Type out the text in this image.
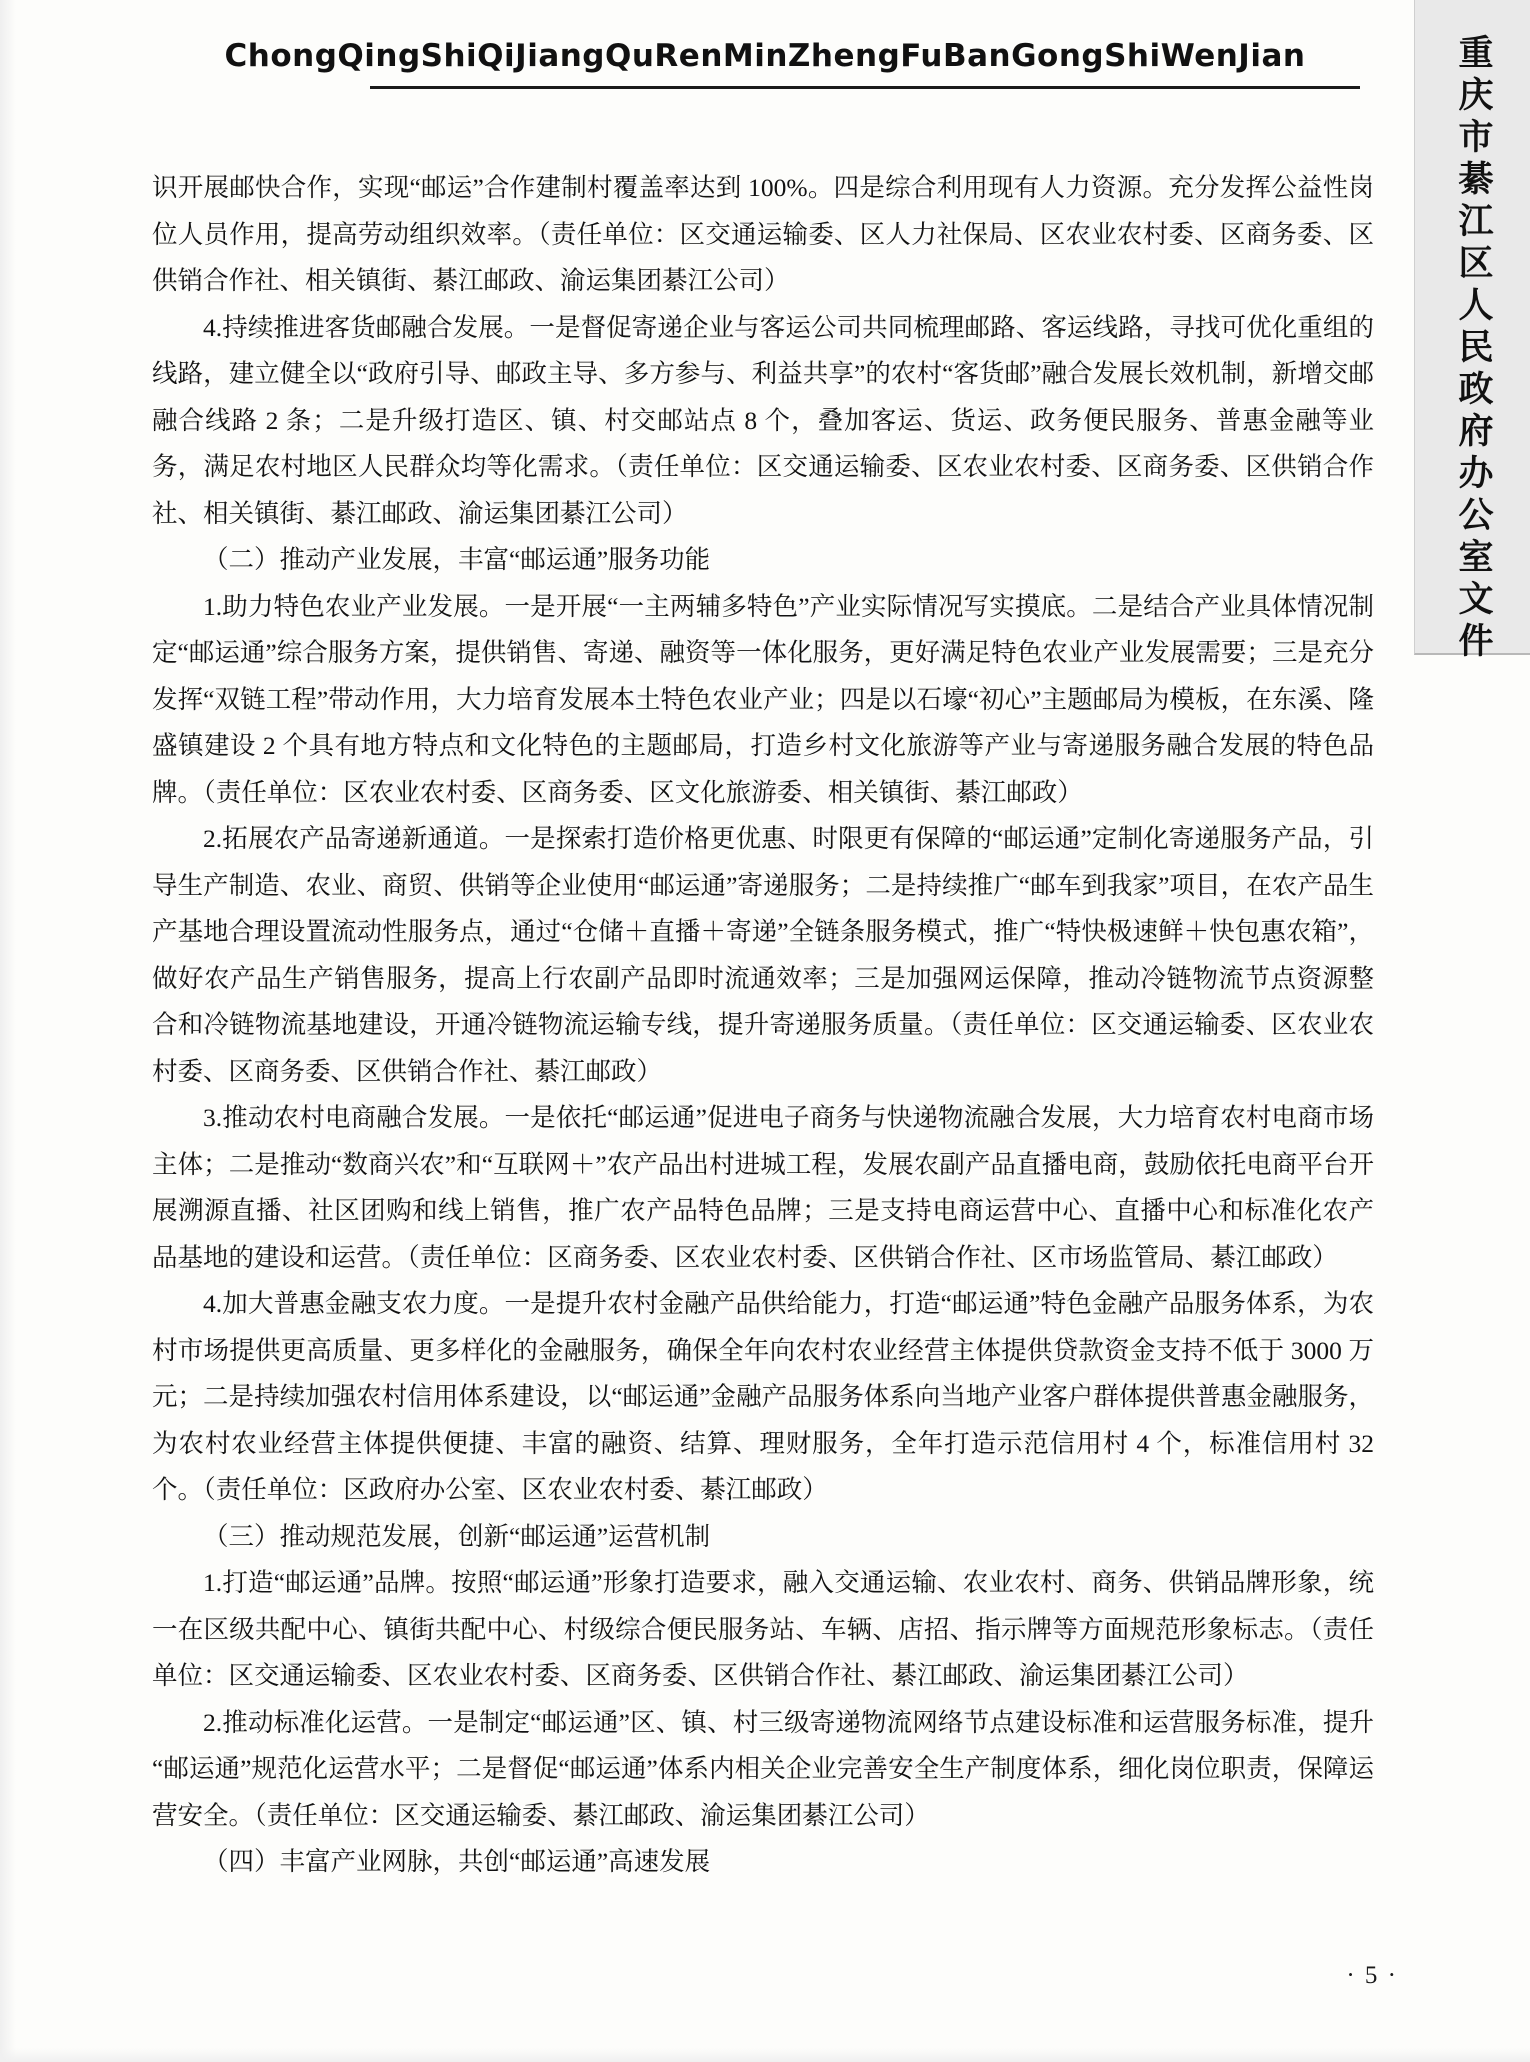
重庆市綦江区人民政府办公室文件
ChongQingShiQiJiangQuRenMinZhengFuBanGongShiWenJian

识开展邮快合作，实现“邮运”合作建制村覆盖率达到 100%。四是综合利用现有人力资源。充分发挥公益性岗位人员作用，提高劳动组织效率。（责任单位：区交通运输委、区人力社保局、区农业农村委、区商务委、区供销合作社、相关镇街、綦江邮政、渝运集团綦江公司）

4.持续推进客货邮融合发展。一是督促寄递企业与客运公司共同梳理邮路、客运线路，寻找可优化重组的线路，建立健全以“政府引导、邮政主导、多方参与、利益共享”的农村“客货邮”融合发展长效机制，新增交邮融合线路 2 条；二是升级打造区、镇、村交邮站点 8 个，叠加客运、货运、政务便民服务、普惠金融等业务，满足农村地区人民群众均等化需求。（责任单位：区交通运输委、区农业农村委、区商务委、区供销合作社、相关镇街、綦江邮政、渝运集团綦江公司）

（二）推动产业发展，丰富“邮运通”服务功能

1.助力特色农业产业发展。一是开展“一主两辅多特色”产业实际情况写实摸底。二是结合产业具体情况制定“邮运通”综合服务方案，提供销售、寄递、融资等一体化服务，更好满足特色农业产业发展需要；三是充分发挥“双链工程”带动作用，大力培育发展本土特色农业产业；四是以石壕“初心”主题邮局为模板，在东溪、隆盛镇建设 2 个具有地方特点和文化特色的主题邮局，打造乡村文化旅游等产业与寄递服务融合发展的特色品牌。（责任单位：区农业农村委、区商务委、区文化旅游委、相关镇街、綦江邮政）

2.拓展农产品寄递新通道。一是探索打造价格更优惠、时限更有保障的“邮运通”定制化寄递服务产品，引导生产制造、农业、商贸、供销等企业使用“邮运通”寄递服务；二是持续推广“邮车到我家”项目，在农产品生产基地合理设置流动性服务点，通过“仓储＋直播＋寄递”全链条服务模式，推广“特快极速鲜＋快包惠农箱”，做好农产品生产销售服务，提高上行农副产品即时流通效率；三是加强网运保障，推动冷链物流节点资源整合和冷链物流基地建设，开通冷链物流运输专线，提升寄递服务质量。（责任单位：区交通运输委、区农业农村委、区商务委、区供销合作社、綦江邮政）

3.推动农村电商融合发展。一是依托“邮运通”促进电子商务与快递物流融合发展，大力培育农村电商市场主体；二是推动“数商兴农”和“互联网＋”农产品出村进城工程，发展农副产品直播电商，鼓励依托电商平台开展溯源直播、社区团购和线上销售，推广农产品特色品牌；三是支持电商运营中心、直播中心和标准化农产品基地的建设和运营。（责任单位：区商务委、区农业农村委、区供销合作社、区市场监管局、綦江邮政）

4.加大普惠金融支农力度。一是提升农村金融产品供给能力，打造“邮运通”特色金融产品服务体系，为农村市场提供更高质量、更多样化的金融服务，确保全年向农村农业经营主体提供贷款资金支持不低于 3000 万元；二是持续加强农村信用体系建设，以“邮运通”金融产品服务体系向当地产业客户群体提供普惠金融服务，为农村农业经营主体提供便捷、丰富的融资、结算、理财服务，全年打造示范信用村 4 个，标准信用村 32 个。（责任单位：区政府办公室、区农业农村委、綦江邮政）

（三）推动规范发展，创新“邮运通”运营机制

1.打造“邮运通”品牌。按照“邮运通”形象打造要求，融入交通运输、农业农村、商务、供销品牌形象，统一在区级共配中心、镇街共配中心、村级综合便民服务站、车辆、店招、指示牌等方面规范形象标志。（责任单位：区交通运输委、区农业农村委、区商务委、区供销合作社、綦江邮政、渝运集团綦江公司）

2.推动标准化运营。一是制定“邮运通”区、镇、村三级寄递物流网络节点建设标准和运营服务标准，提升“邮运通”规范化运营水平；二是督促“邮运通”体系内相关企业完善安全生产制度体系，细化岗位职责，保障运营安全。（责任单位：区交通运输委、綦江邮政、渝运集团綦江公司）

（四）丰富产业网脉，共创“邮运通”高速发展

· 5 ·
